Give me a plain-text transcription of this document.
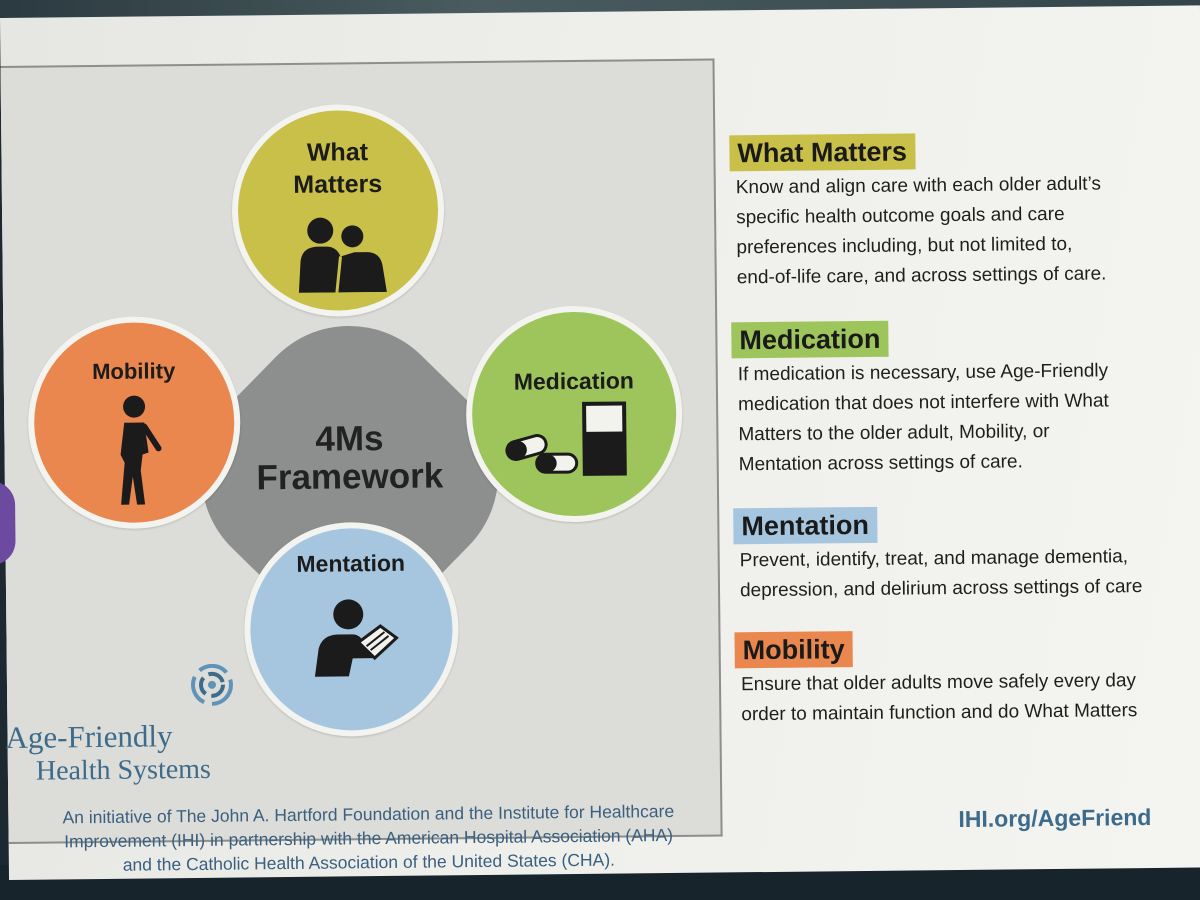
4Ms
Framework
What
Matters
Mobility	Medication
Mentation
Age-Friendly
Health Systems
An initiative of The John A. Hartford Foundation and the Institute for Healthcare
Improvement (IHI) in partnership with the American Hospital Association (AHA)
and the Catholic Health Association of the United States (CHA).
What Matters
Know and align care with each older adult’s
specific health outcome goals and care
preferences including, but not limited to,
end-of-life care, and across settings of care.
Medication
If medication is necessary, use Age-Friendly
medication that does not interfere with What
Matters to the older adult, Mobility, or
Mentation across settings of care.
Mentation
Prevent, identify, treat, and manage dementia,
depression, and delirium across settings of care
Mobility
Ensure that older adults move safely every day
order to maintain function and do What Matters
IHI.org/AgeFriend
